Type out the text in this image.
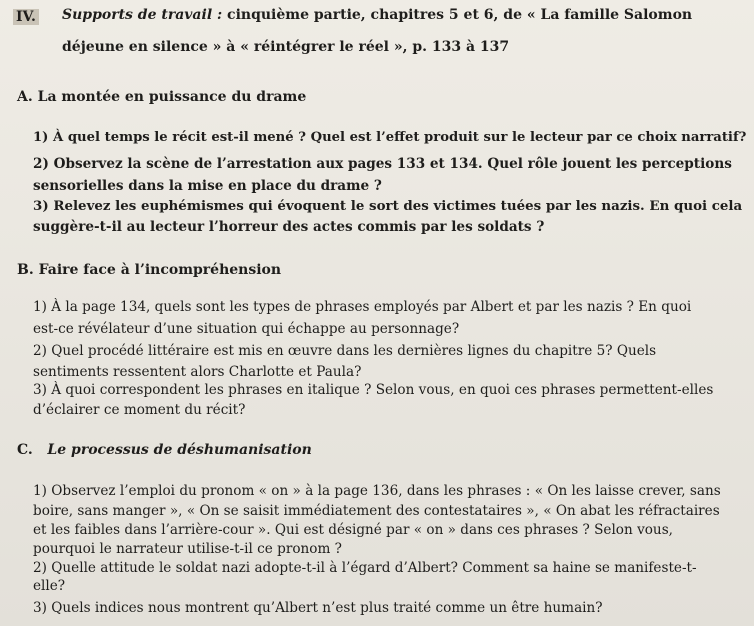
IV. Supports de travail : cinquième partie, chapitres 5 et 6, de « La famille Salomon
déjeune en silence » à « réintégrer le réel », p. 133 à 137
A. La montée en puissance du drame
1) À quel temps le récit est-il mené ? Quel est l’effet produit sur le lecteur par ce choix narratif?
2) Observez la scène de l’arrestation aux pages 133 et 134. Quel rôle jouent les perceptions
sensorielles dans la mise en place du drame ?
3) Relevez les euphémismes qui évoquent le sort des victimes tuées par les nazis. En quoi cela
suggère-t-il au lecteur l’horreur des actes commis par les soldats ?
B. Faire face à l’incompréhension
1) À la page 134, quels sont les types de phrases employés par Albert et par les nazis ? En quoi
est-ce révélateur d’une situation qui échappe au personnage?
2) Quel procédé littéraire est mis en œuvre dans les dernières lignes du chapitre 5? Quels
sentiments ressentent alors Charlotte et Paula?
3) À quoi correspondent les phrases en italique ? Selon vous, en quoi ces phrases permettent-elles
d’éclairer ce moment du récit?
C. Le processus de déshumanisation
1) Observez l’emploi du pronom « on » à la page 136, dans les phrases : « On les laisse crever, sans
boire, sans manger », « On se saisit immédiatement des contestataires », « On abat les réfractaires
et les faibles dans l’arrière-cour ». Qui est désigné par « on » dans ces phrases ? Selon vous,
pourquoi le narrateur utilise-t-il ce pronom ?
2) Quelle attitude le soldat nazi adopte-t-il à l’égard d’Albert? Comment sa haine se manifeste-t-
elle?
3) Quels indices nous montrent qu’Albert n’est plus traité comme un être humain?
